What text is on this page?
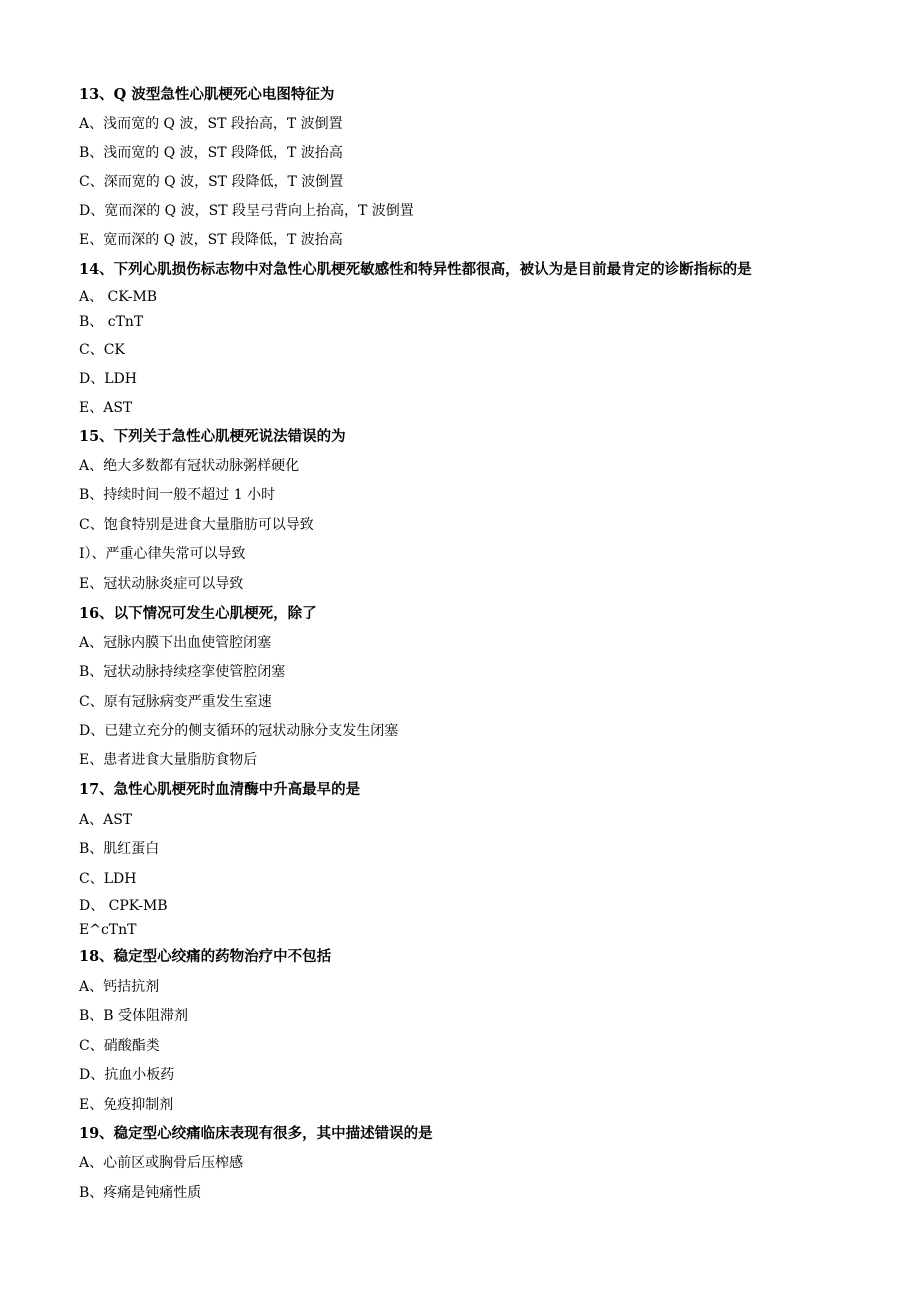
13、Q 波型急性心肌梗死心电图特征为
A、浅而宽的 Q 波，ST 段抬高，T 波倒置
B、浅而宽的 Q 波，ST 段降低，T 波抬高
C、深而宽的 Q 波，ST 段降低，T 波倒置
D、宽而深的 Q 波，ST 段呈弓背向上抬高，T 波倒置
E、宽而深的 Q 波，ST 段降低，T 波抬高
14、下列心肌损伤标志物中对急性心肌梗死敏感性和特异性都很高，被认为是目前最肯定的诊断指标的是
A、 CK-MB
B、 cTnT
C、CK
D、LDH
E、AST
15、下列关于急性心肌梗死说法错误的为
A、绝大多数都有冠状动脉粥样硬化
B、持续时间一般不超过 1 小时
C、饱食特别是进食大量脂肪可以导致
I）、严重心律失常可以导致
E、冠状动脉炎症可以导致
16、以下情况可发生心肌梗死，除了
A、冠脉内膜下出血使管腔闭塞
B、冠状动脉持续痉挛使管腔闭塞
C、原有冠脉病变严重发生室速
D、已建立充分的侧支循环的冠状动脉分支发生闭塞
E、患者进食大量脂肪食物后
17、急性心肌梗死时血清酶中升高最早的是
A、AST
B、肌红蛋白
C、LDH
D、 CPK-MB
E^cTnT
18、稳定型心绞痛的药物治疗中不包括
A、钙拮抗剂
B、B 受体阻滞剂
C、硝酸酯类
D、抗血小板药
E、免疫抑制剂
19、稳定型心绞痛临床表现有很多，其中描述错误的是
A、心前区或胸骨后压榨感
B、疼痛是钝痛性质
